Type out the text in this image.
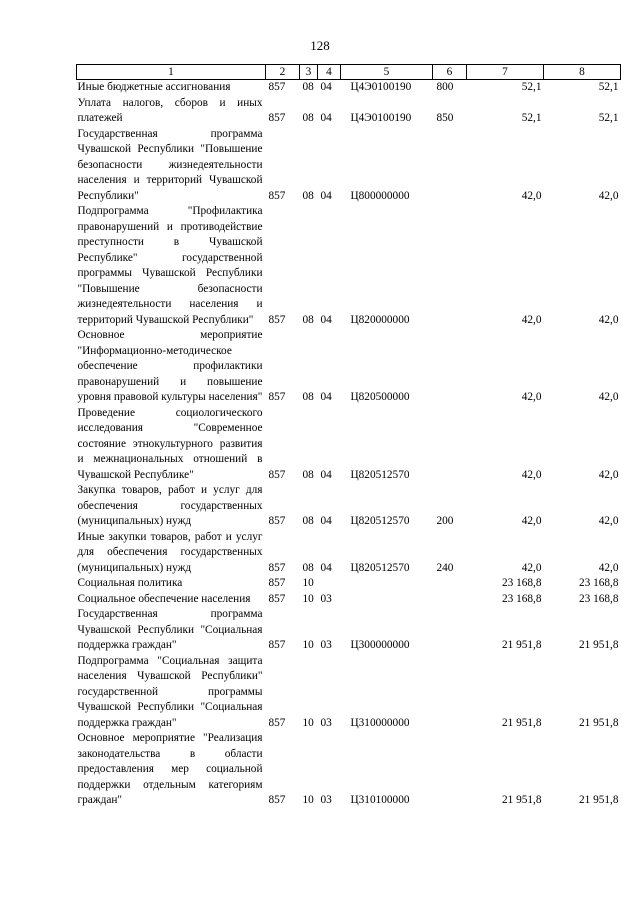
128
1	2	3	4	5	6	7	8
Иные бюджетные ассигнования	857	08	04	Ц4Э0100190	800	52,1	52,1
Уплата налогов, сборов и иных платежей	857	08	04	Ц4Э0100190	850	52,1	52,1
Государственная программа Чувашской Республики "Повышение безопасности жизнедеятельности населения и территорий Чувашской Республики"	857	08	04	Ц800000000		42,0	42,0
Подпрограмма "Профилактика правонарушений и противодействие преступности в Чувашской Республике" государственной программы Чувашской Республики "Повышение безопасности жизнедеятельности населения и территорий Чувашской Республики"	857	08	04	Ц820000000		42,0	42,0
Основное мероприятие "Информационно-методическое обеспечение профилактики правонарушений и повышение уровня правовой культуры населения"	857	08	04	Ц820500000		42,0	42,0
Проведение социологического исследования "Современное состояние этнокультурного развития и межнациональных отношений в Чувашской Республике"	857	08	04	Ц820512570		42,0	42,0
Закупка товаров, работ и услуг для обеспечения государственных (муниципальных) нужд	857	08	04	Ц820512570	200	42,0	42,0
Иные закупки товаров, работ и услуг для обеспечения государственных (муниципальных) нужд	857	08	04	Ц820512570	240	42,0	42,0
Социальная политика	857	10				23 168,8	23 168,8
Социальное обеспечение населения	857	10	03			23 168,8	23 168,8
Государственная программа Чувашской Республики "Социальная поддержка граждан"	857	10	03	Ц300000000		21 951,8	21 951,8
Подпрограмма "Социальная защита населения Чувашской Республики" государственной программы Чувашской Республики "Социальная поддержка граждан"	857	10	03	Ц310000000		21 951,8	21 951,8
Основное мероприятие "Реализация законодательства в области предоставления мер социальной поддержки отдельным категориям граждан"	857	10	03	Ц310100000		21 951,8	21 951,8
